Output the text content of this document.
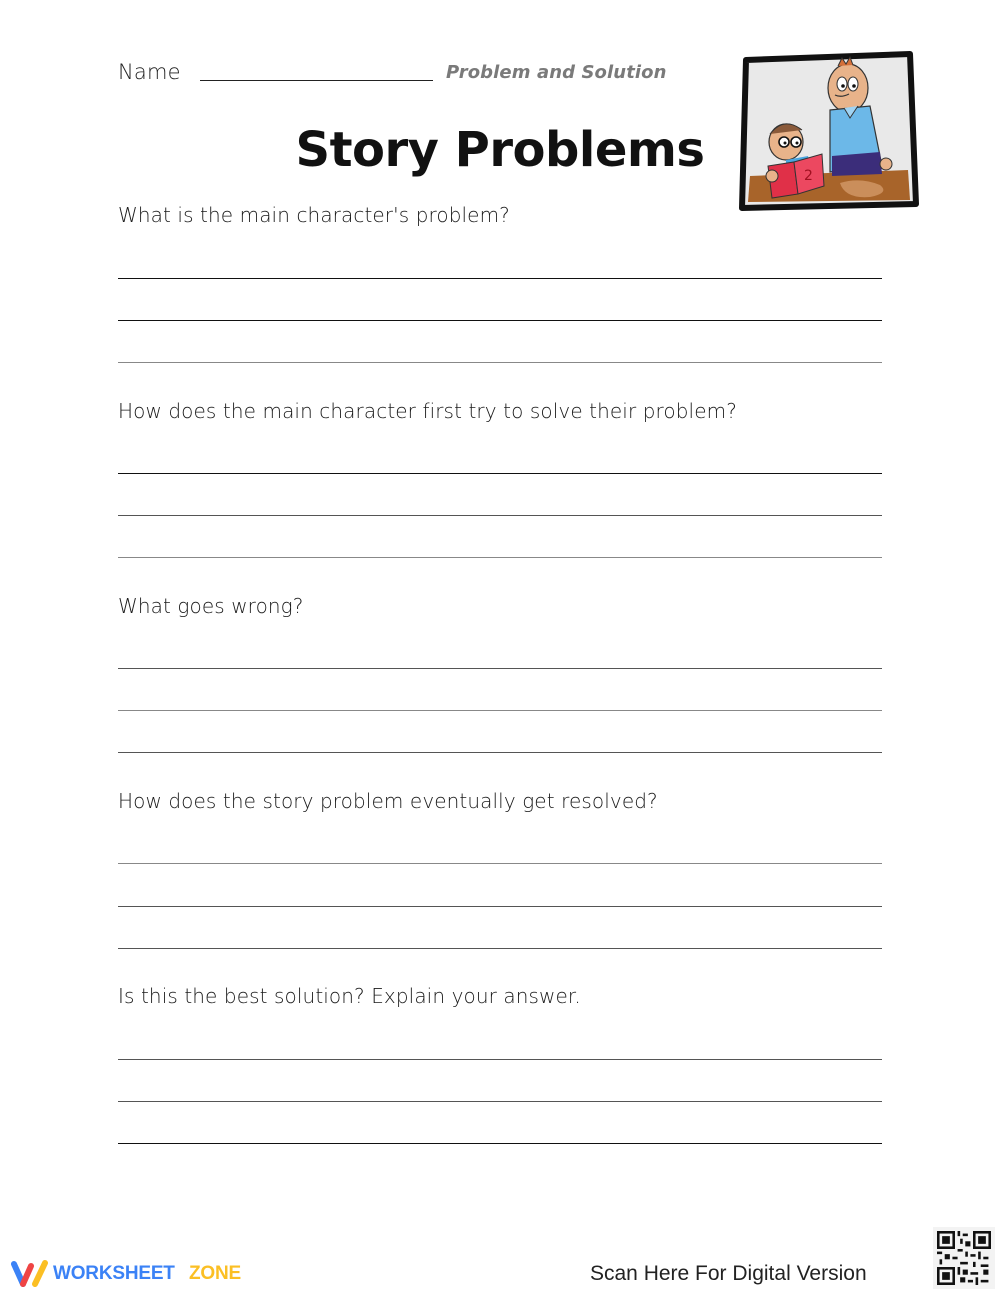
Name	Problem and Solution
Story Problems	2
What is the main character's problem?
How does the main character first try to solve their problem?
What goes wrong?
How does the story problem eventually get resolved?
Is this the best solution? Explain your answer.
WORKSHEET ZONE	Scan Here For Digital Version
